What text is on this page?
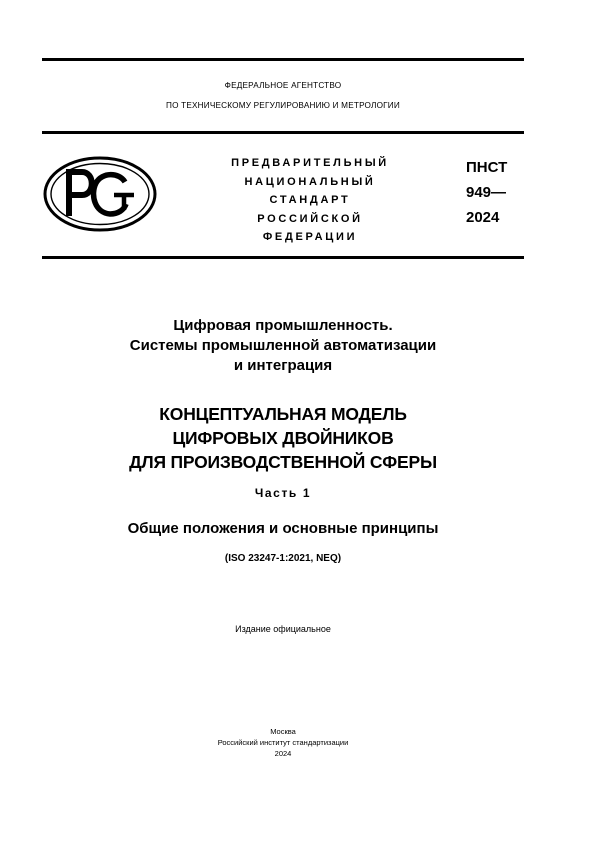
ФЕДЕРАЛЬНОЕ АГЕНТСТВО
ПО ТЕХНИЧЕСКОМУ РЕГУЛИРОВАНИЮ И МЕТРОЛОГИИ
ПРЕДВАРИТЕЛЬНЫЙ
НАЦИОНАЛЬНЫЙ
СТАНДАРТ
РОССИЙСКОЙ
ФЕДЕРАЦИИ
ПНСТ
949—
2024
Цифровая промышленность.
Системы промышленной автоматизации
и интеграция
КОНЦЕПТУАЛЬНАЯ МОДЕЛЬ
ЦИФРОВЫХ ДВОЙНИКОВ
ДЛЯ ПРОИЗВОДСТВЕННОЙ СФЕРЫ
Часть 1
Общие положения и основные принципы
(ISO 23247-1:2021, NEQ)
Издание официальное
Москва
Российский институт стандартизации
2024
